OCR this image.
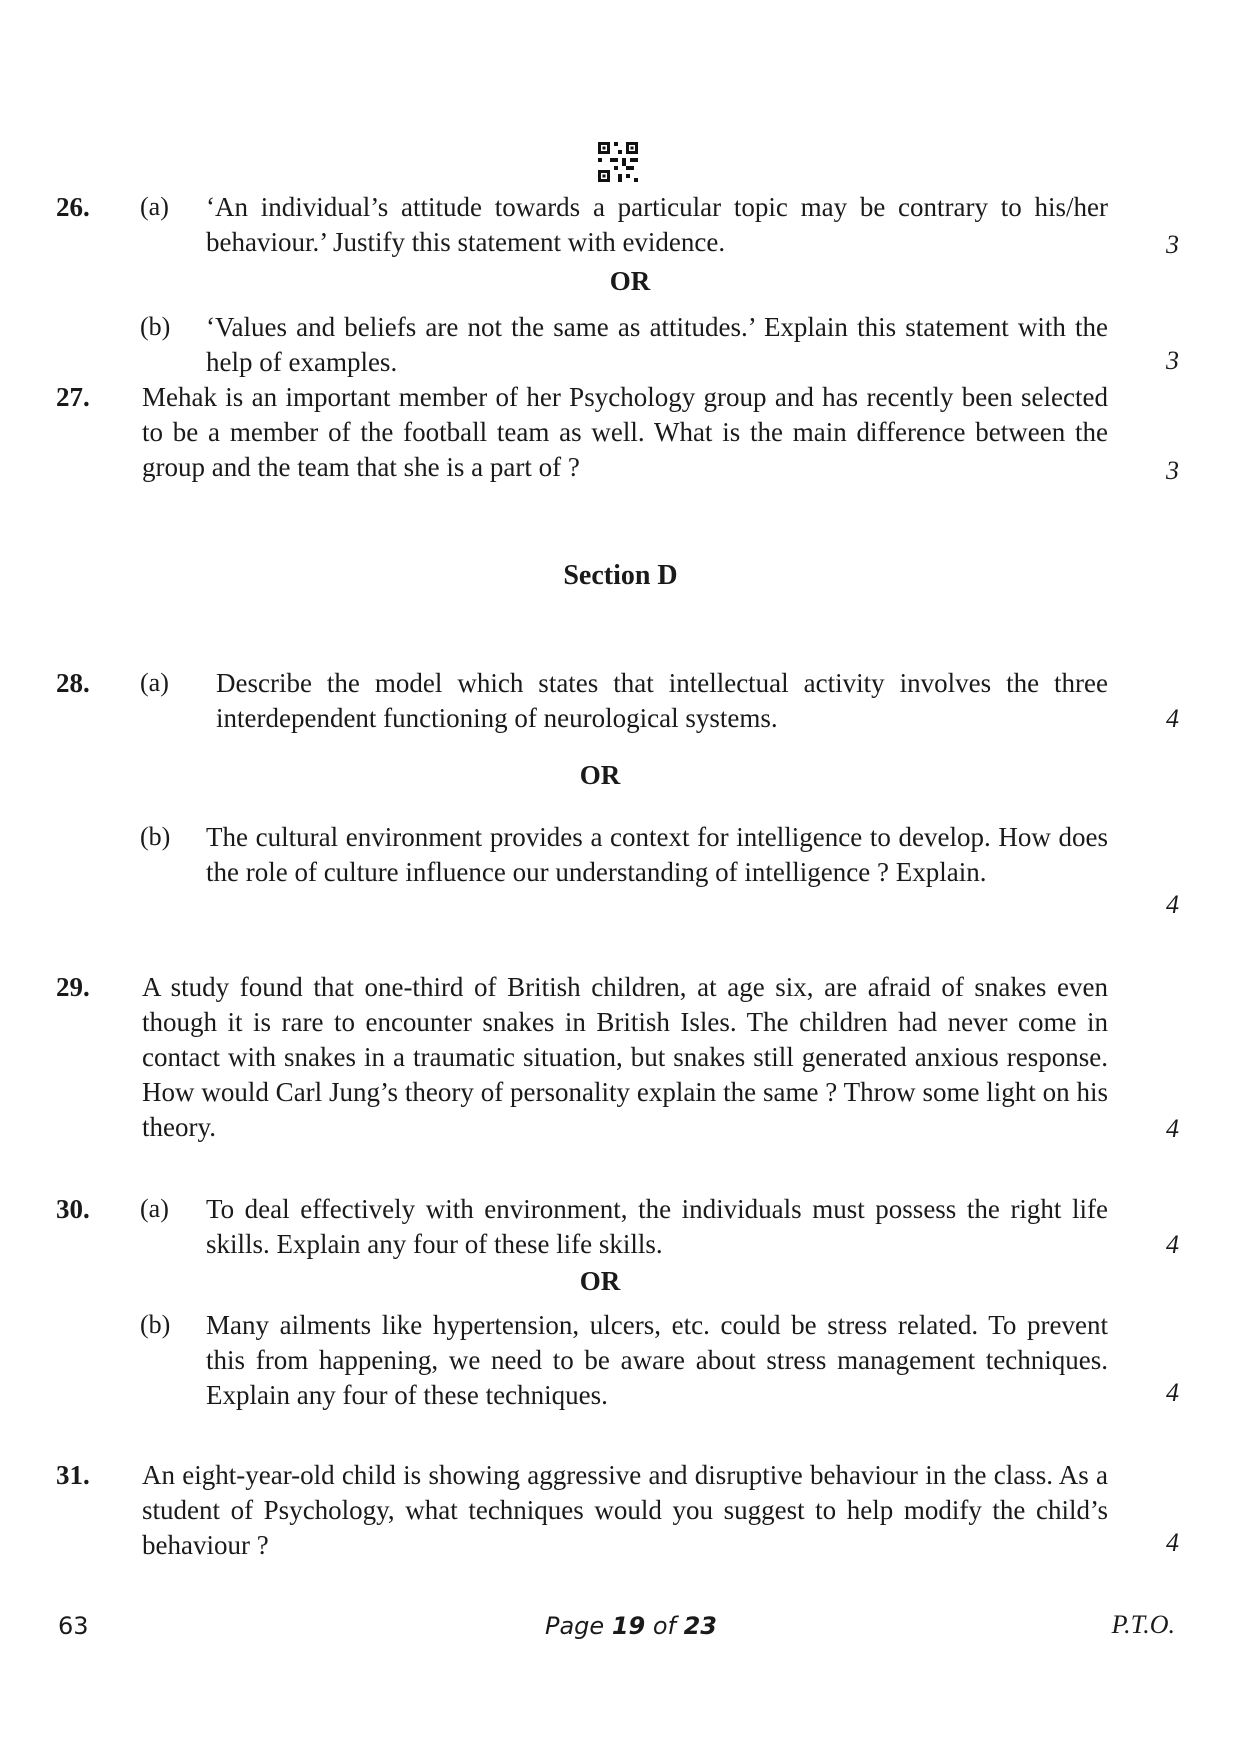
26. (a) ‘An individual’s attitude towards a particular topic may be contrary to his/her behaviour.’ Justify this statement with evidence.	3
OR
(b) ‘Values and beliefs are not the same as attitudes.’ Explain this statement with the help of examples.	3
27. Mehak is an important member of her Psychology group and has recently been selected to be a member of the football team as well. What is the main difference between the group and the team that she is a part of ?	3
Section D
28. (a) Describe the model which states that intellectual activity involves the three interdependent functioning of neurological systems.	4
OR
(b) The cultural environment provides a context for intelligence to develop. How does the role of culture influence our understanding of intelligence ? Explain.
4
29. A study found that one-third of British children, at age six, are afraid of snakes even though it is rare to encounter snakes in British Isles. The children had never come in contact with snakes in a traumatic situation, but snakes still generated anxious response. How would Carl Jung’s theory of personality explain the same ? Throw some light on his theory.	4
30. (a) To deal effectively with environment, the individuals must possess the right life skills. Explain any four of these life skills.	4
OR
(b) Many ailments like hypertension, ulcers, etc. could be stress related. To prevent this from happening, we need to be aware about stress management techniques. Explain any four of these techniques.	4
31. An eight-year-old child is showing aggressive and disruptive behaviour in the class. As a student of Psychology, what techniques would you suggest to help modify the child’s behaviour ?	4
63	Page 19 of 23	P.T.O.
